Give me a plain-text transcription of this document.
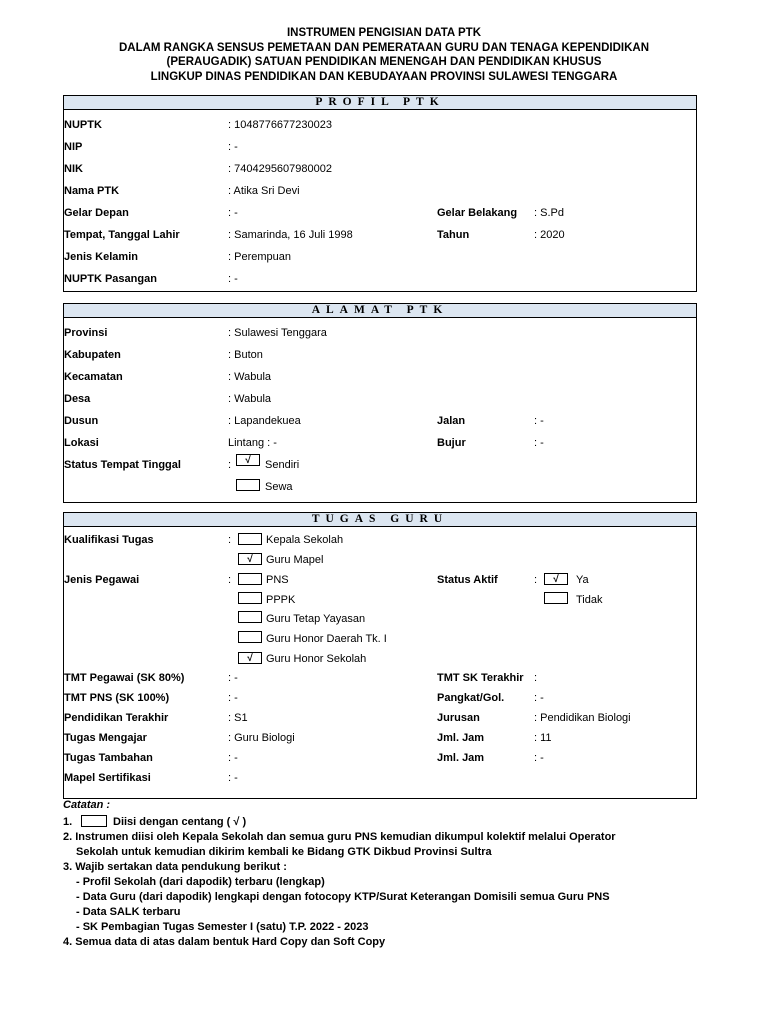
INSTRUMEN PENGISIAN DATA PTK
DALAM RANGKA SENSUS PEMETAAN DAN PEMERATAAN GURU DAN TENAGA KEPENDIDIKAN
(PERAUGADIK) SATUAN PENDIDIKAN MENENGAH DAN PENDIDIKAN KHUSUS
LINGKUP DINAS PENDIDIKAN DAN KEBUDAYAAN PROVINSI SULAWESI TENGGARA
PROFIL PTK
NUPTK	: 1048776677230023
NIP	: -
NIK	: 7404295607980002
Nama PTK	: Atika Sri Devi
Gelar Depan	: -	Gelar Belakang : S.Pd
Tempat, Tanggal Lahir	: Samarinda, 16 Juli 1998	Tahun	: 2020
Jenis Kelamin	: Perempuan
NUPTK Pasangan	: -
ALAMAT PTK
Provinsi	: Sulawesi Tenggara
Kabupaten	: Buton
Kecamatan	: Wabula
Desa	: Wabula
Dusun	: Lapandekuea	Jalan	: -
Lokasi	Lintang : -	Bujur	: -
Status Tempat Tinggal	:	√	Sendiri
Sewa
TUGAS GURU
Kualifikasi Tugas	:	Kepala Sekolah
√	Guru Mapel
Jenis Pegawai	:	PNS
PPPK
Guru Tetap Yayasan
Guru Honor Daerah Tk. I
√	Guru Honor Sekolah
Status Aktif	:	√	Ya
Tidak
TMT Pegawai (SK 80%)	: -	TMT SK Terakhir :
TMT PNS (SK 100%)	: -	Pangkat/Gol.	: -
Pendidikan Terakhir	: S1	Jurusan	: Pendidikan Biologi
Tugas Mengajar	: Guru Biologi	Jml. Jam	: 11
Tugas Tambahan	: -	Jml. Jam	: -
Mapel Sertifikasi	: -
Catatan :
1.	Diisi dengan centang ( √ )
2. Instrumen diisi oleh Kepala Sekolah dan semua guru PNS kemudian dikumpul kolektif melalui Operator
Sekolah untuk kemudian dikirim kembali ke Bidang GTK Dikbud Provinsi Sultra
3. Wajib sertakan data pendukung berikut :
- Profil Sekolah (dari dapodik) terbaru (lengkap)
- Data Guru (dari dapodik) lengkapi dengan fotocopy KTP/Surat Keterangan Domisili semua Guru PNS
- Data SALK terbaru
- SK Pembagian Tugas Semester I (satu) T.P. 2022 - 2023
4. Semua data di atas dalam bentuk Hard Copy dan Soft Copy
